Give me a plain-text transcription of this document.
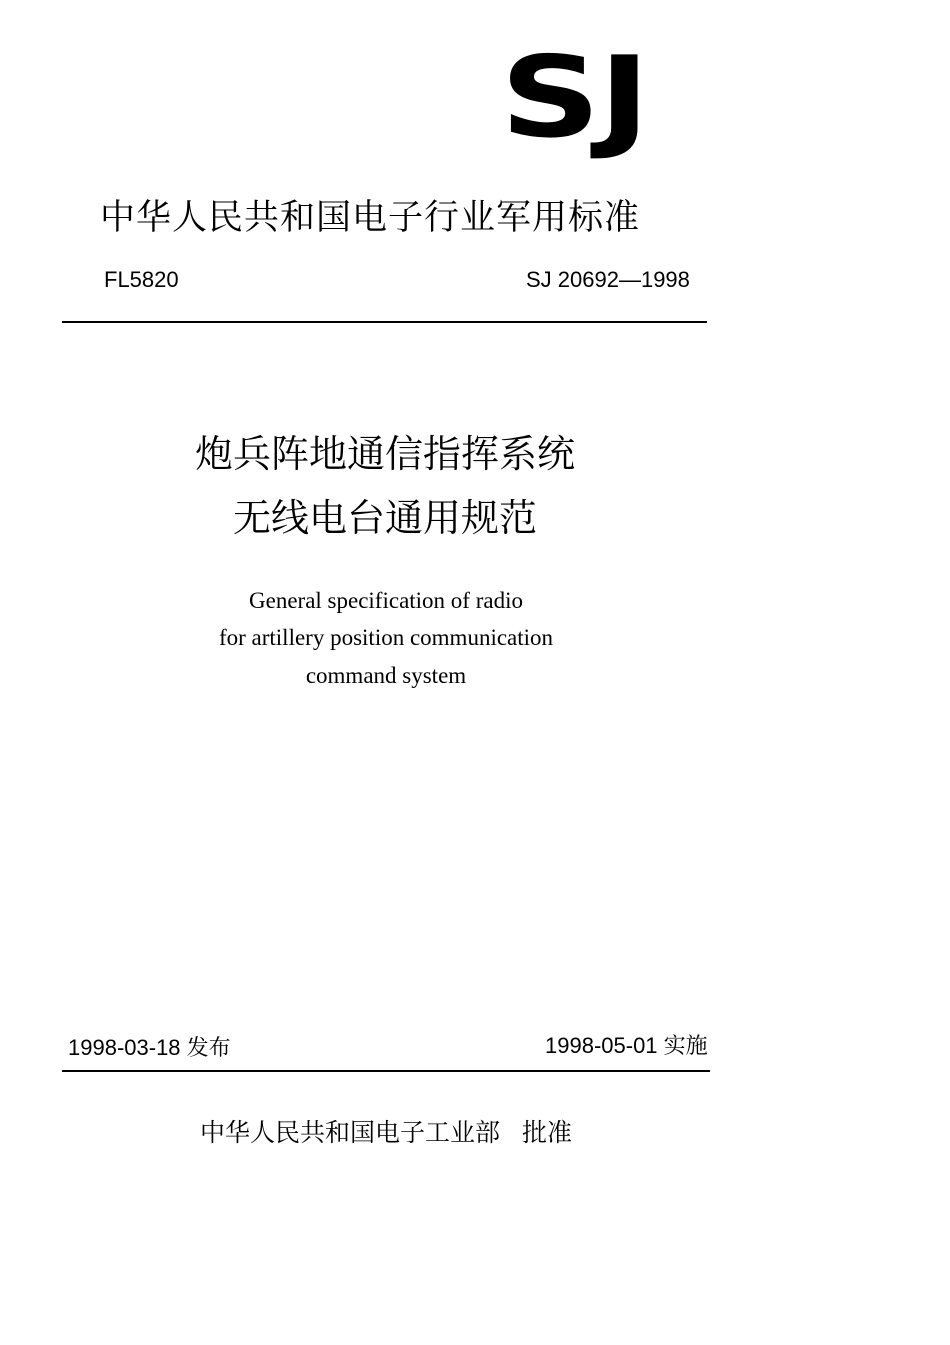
SJ
中华人民共和国电子行业军用标准
FL5820	SJ 20692—1998
炮兵阵地通信指挥系统
无线电台通用规范
General specification of radio
for artillery position communication
command system
1998-03-18 发布	1998-05-01 实施
中华人民共和国电子工业部 批准
